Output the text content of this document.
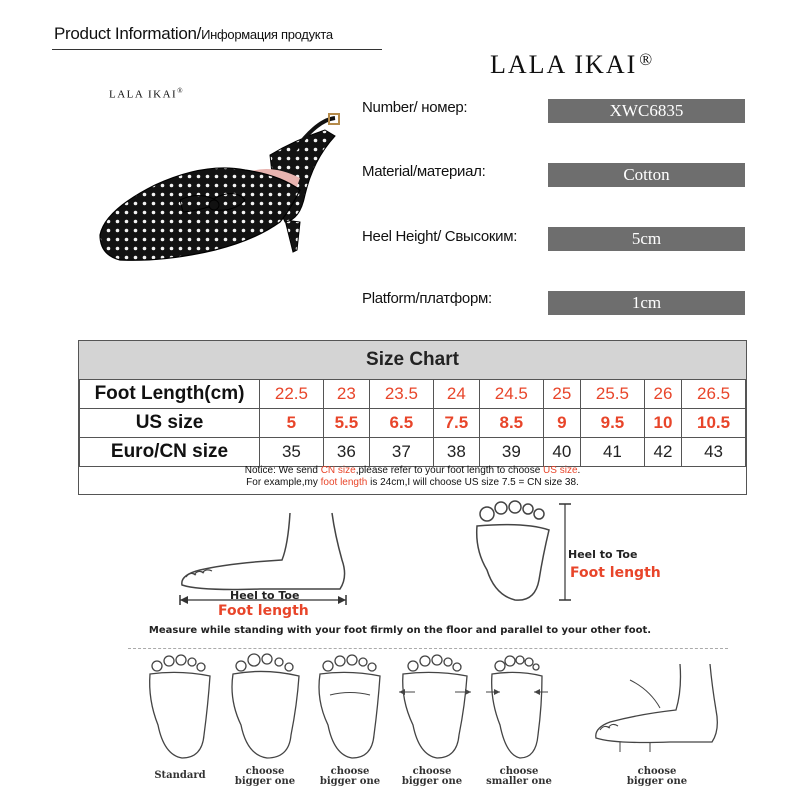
Product Information/Информация продукта
LALA IKAI ®
LALA IKAI®
Number/ номер:	XWC6835
Material/материал:	Cotton
Heel Height/ Свысоким:	5cm
Platform/платформ:	1cm
Size Chart
Foot Length(cm)	22.5	23	23.5	24	24.5	25	25.5	26	26.5
US size	5	5.5	6.5	7.5	8.5	9	9.5	10	10.5
Euro/CN size	35	36	37	38	39	40	41	42	43
Notice: We send CN size,please refer to your foot length to choose US size.
For example,my foot length is 24cm,I will choose US size 7.5 = CN size 38.
Heel to Toe
Foot length
Heel to Toe
Foot length
Measure while standing with your foot firmly on the floor and parallel to your other foot.
Standard	choose
bigger one
choose
bigger one
choose
bigger one
choose
smaller one
choose
bigger one
